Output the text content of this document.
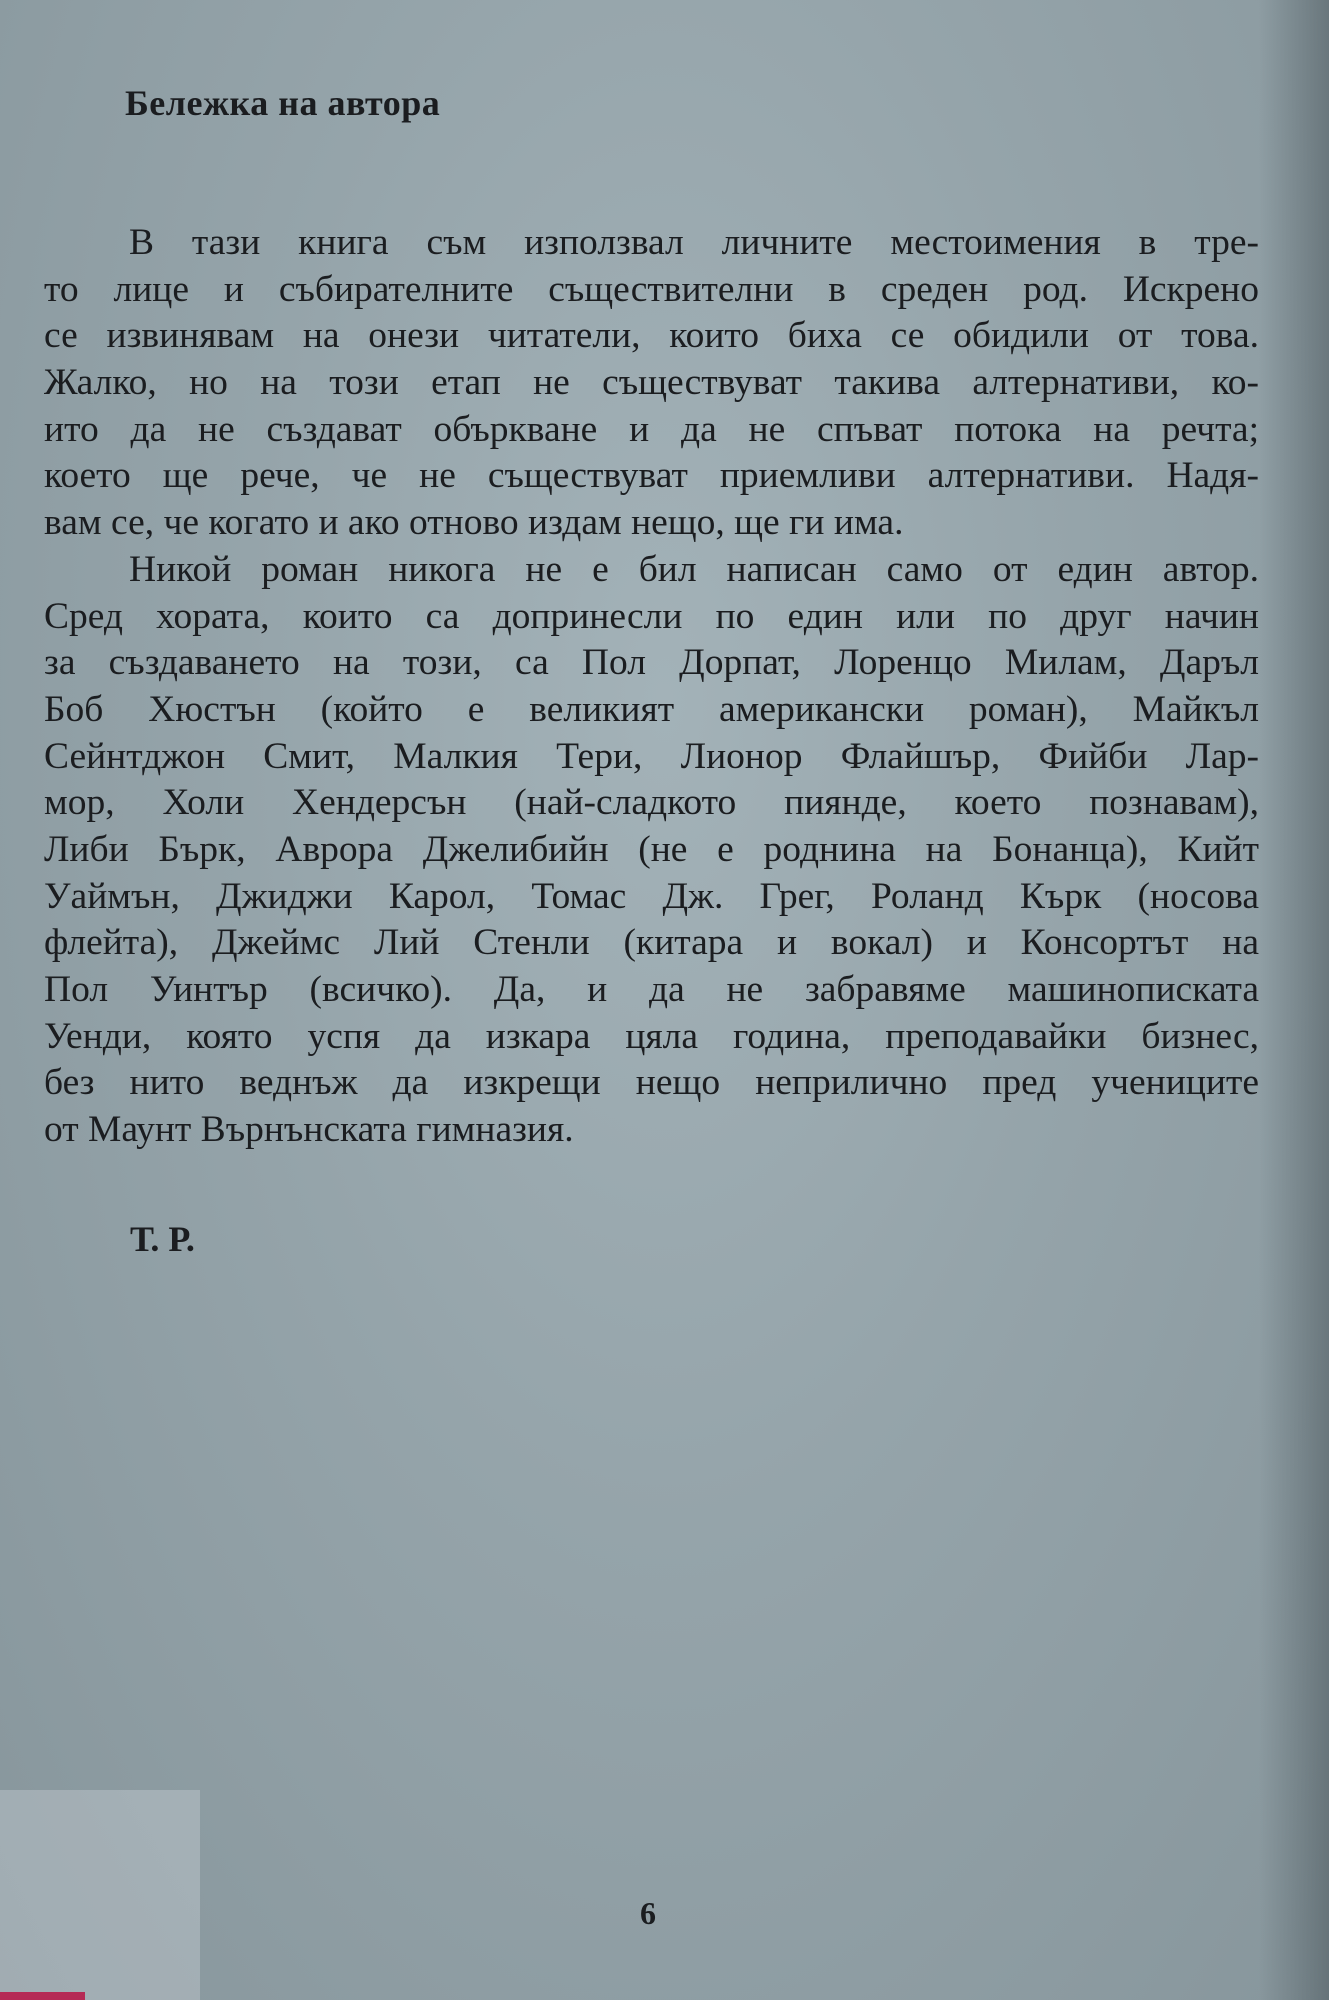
Бележка на автора
В тази книга съм използвал личните местоимения в тре-
то лице и събирателните съществителни в среден род. Искрено
се извинявам на онези читатели, които биха се обидили от това.
Жалко, но на този етап не съществуват такива алтернативи, ко-
ито да не създават объркване и да не спъват потока на речта;
което ще рече, че не съществуват приемливи алтернативи. Надя-
вам се, че когато и ако отново издам нещо, ще ги има.
Никой роман никога не е бил написан само от един автор.
Сред хората, които са допринесли по един или по друг начин
за създаването на този, са Пол Дорпат, Лоренцо Милам, Даръл
Боб Хюстън (който е великият американски роман), Майкъл
Сейнтджон Смит, Малкия Тери, Лионор Флайшър, Фийби Лар-
мор, Холи Хендерсън (най-сладкото пиянде, което познавам),
Либи Бърк, Аврора Джелибийн (не е роднина на Бонанца), Кийт
Уаймън, Джиджи Карол, Томас Дж. Грег, Роланд Кърк (носова
флейта), Джеймс Лий Стенли (китара и вокал) и Консортът на
Пол Уинтър (всичко). Да, и да не забравяме машинописката
Уенди, която успя да изкара цяла година, преподавайки бизнес,
без нито веднъж да изкрещи нещо неприлично пред учениците
от Маунт Върнънската гимназия.
Т. Р.
6
